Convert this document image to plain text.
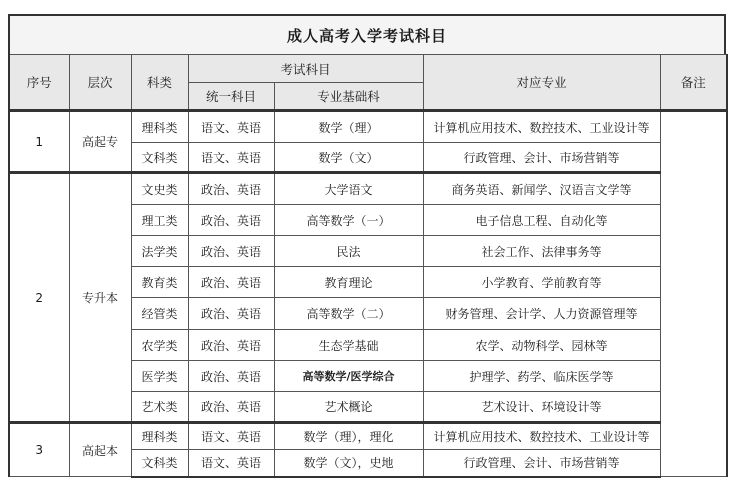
成人高考入学考试科目
序号	层次	科类	考试科目		对应专业	备注
			统一科目	专业基础科		
1	高起专	理科类	语文、英语	数学（理）	计算机应用技术、数控技术、工业设计等	
		文科类	语文、英语	数学（文）	行政管理、会计、市场营销等	
2	专升本	文史类	政治、英语	大学语文	商务英语、新闻学、汉语言文学等	
		理工类	政治、英语	高等数学（一）	电子信息工程、自动化等	
		法学类	政治、英语	民法	社会工作、法律事务等	
		教育类	政治、英语	教育理论	小学教育、学前教育等	
		经管类	政治、英语	高等数学（二）	财务管理、会计学、人力资源管理等	
		农学类	政治、英语	生态学基础	农学、动物科学、园林等	
		医学类	政治、英语	高等数学/医学综合	护理学、药学、临床医学等	
		艺术类	政治、英语	艺术概论	艺术设计、环境设计等	
3	高起本	理科类	语文、英语	数学（理），理化	计算机应用技术、数控技术、工业设计等	
		文科类	语文、英语	数学（文），史地	行政管理、会计、市场营销等	
